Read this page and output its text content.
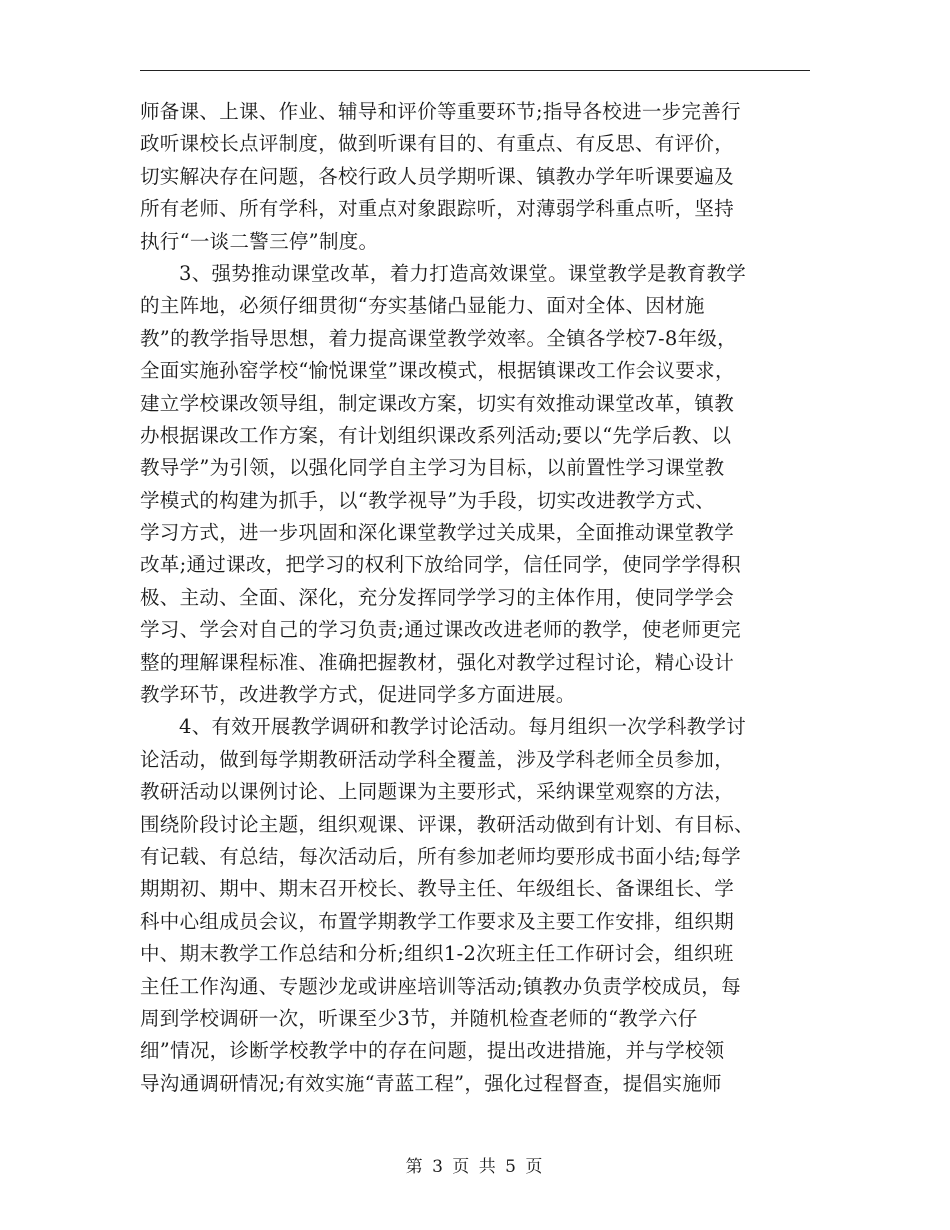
师备课、上课、作业、辅导和评价等重要环节;指导各校进一步完善行
政听课校长点评制度，做到听课有目的、有重点、有反思、有评价，
切实解决存在问题，各校行政人员学期听课、镇教办学年听课要遍及
所有老师、所有学科，对重点对象跟踪听，对薄弱学科重点听，坚持
执行“一谈二警三停”制度。
3、强势推动课堂改革，着力打造高效课堂。课堂教学是教育教学
的主阵地，必须仔细贯彻“夯实基储凸显能力、面对全体、因材施
教”的教学指导思想，着力提高课堂教学效率。全镇各学校7-8年级，
全面实施孙窑学校“愉悦课堂”课改模式，根据镇课改工作会议要求，
建立学校课改领导组，制定课改方案，切实有效推动课堂改革，镇教
办根据课改工作方案，有计划组织课改系列活动;要以“先学后教、以
教导学”为引领，以强化同学自主学习为目标，以前置性学习课堂教
学模式的构建为抓手，以“教学视导”为手段，切实改进教学方式、
学习方式，进一步巩固和深化课堂教学过关成果，全面推动课堂教学
改革;通过课改，把学习的权利下放给同学，信任同学，使同学学得积
极、主动、全面、深化，充分发挥同学学习的主体作用，使同学学会
学习、学会对自己的学习负责;通过课改改进老师的教学，使老师更完
整的理解课程标准、准确把握教材，强化对教学过程讨论，精心设计
教学环节，改进教学方式，促进同学多方面进展。
4、有效开展教学调研和教学讨论活动。每月组织一次学科教学讨
论活动，做到每学期教研活动学科全覆盖，涉及学科老师全员参加，
教研活动以课例讨论、上同题课为主要形式，采纳课堂观察的方法，
围绕阶段讨论主题，组织观课、评课，教研活动做到有计划、有目标、
有记载、有总结，每次活动后，所有参加老师均要形成书面小结;每学
期期初、期中、期末召开校长、教导主任、年级组长、备课组长、学
科中心组成员会议，布置学期教学工作要求及主要工作安排，组织期
中、期末教学工作总结和分析;组织1-2次班主任工作研讨会，组织班
主任工作沟通、专题沙龙或讲座培训等活动;镇教办负责学校成员，每
周到学校调研一次，听课至少3节，并随机检查老师的“教学六仔
细”情况，诊断学校教学中的存在问题，提出改进措施，并与学校领
导沟通调研情况;有效实施“青蓝工程”，强化过程督查，提倡实施师
第 3 页 共 5 页
